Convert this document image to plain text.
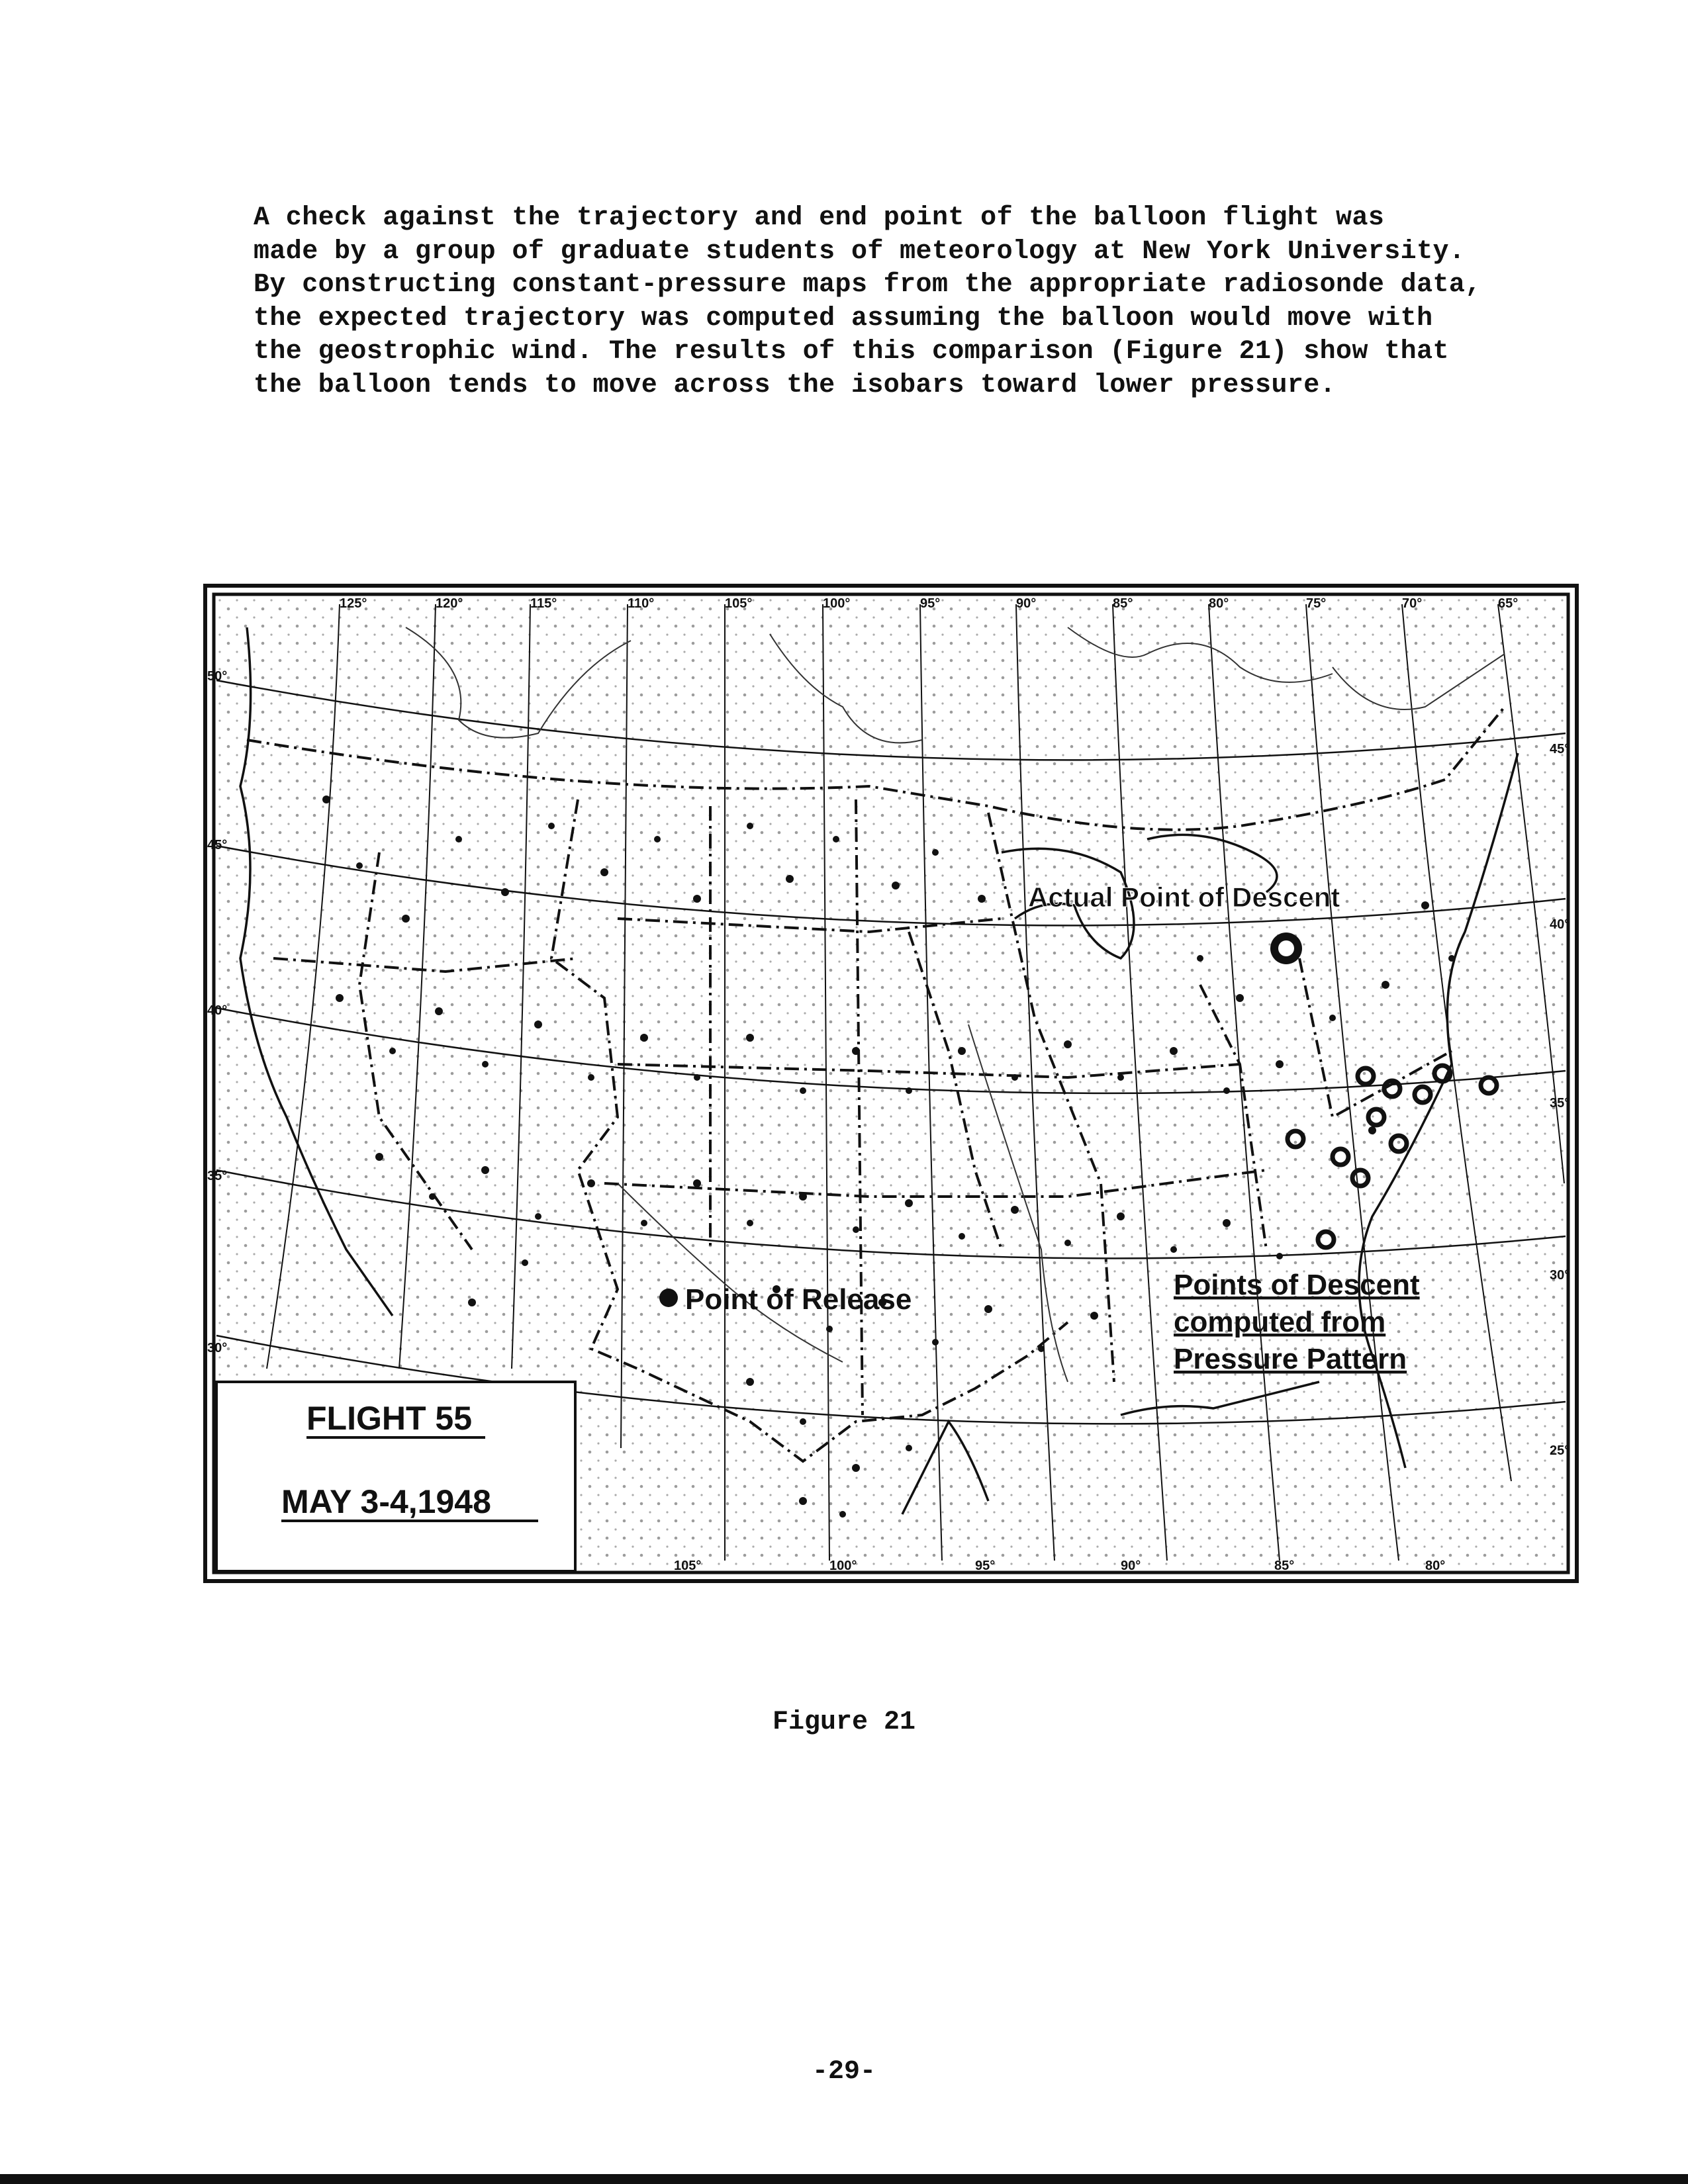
A check against the trajectory and end point of the balloon flight was
made by a group of graduate students of meteorology at New York University.
By constructing constant-pressure maps from the appropriate radiosonde data,
the expected trajectory was computed assuming the balloon would move with
the geostrophic wind. The results of this comparison (Figure 21) show that
the balloon tends to move across the isobars toward lower pressure.

125°	120°	115°	110°	105°	100°	95°	90°	85°	80°	75°	70°	65°
105°	100°	95°	90°	85°	80°
50°
45°
40°
35°
30°
45°
40°
35°
30°
25°
Actual Point of Descent
Point of Release	Points of Descent
computed from
Pressure Pattern
FLIGHT 55
MAY 3-4,1948

Figure 21

-29-
